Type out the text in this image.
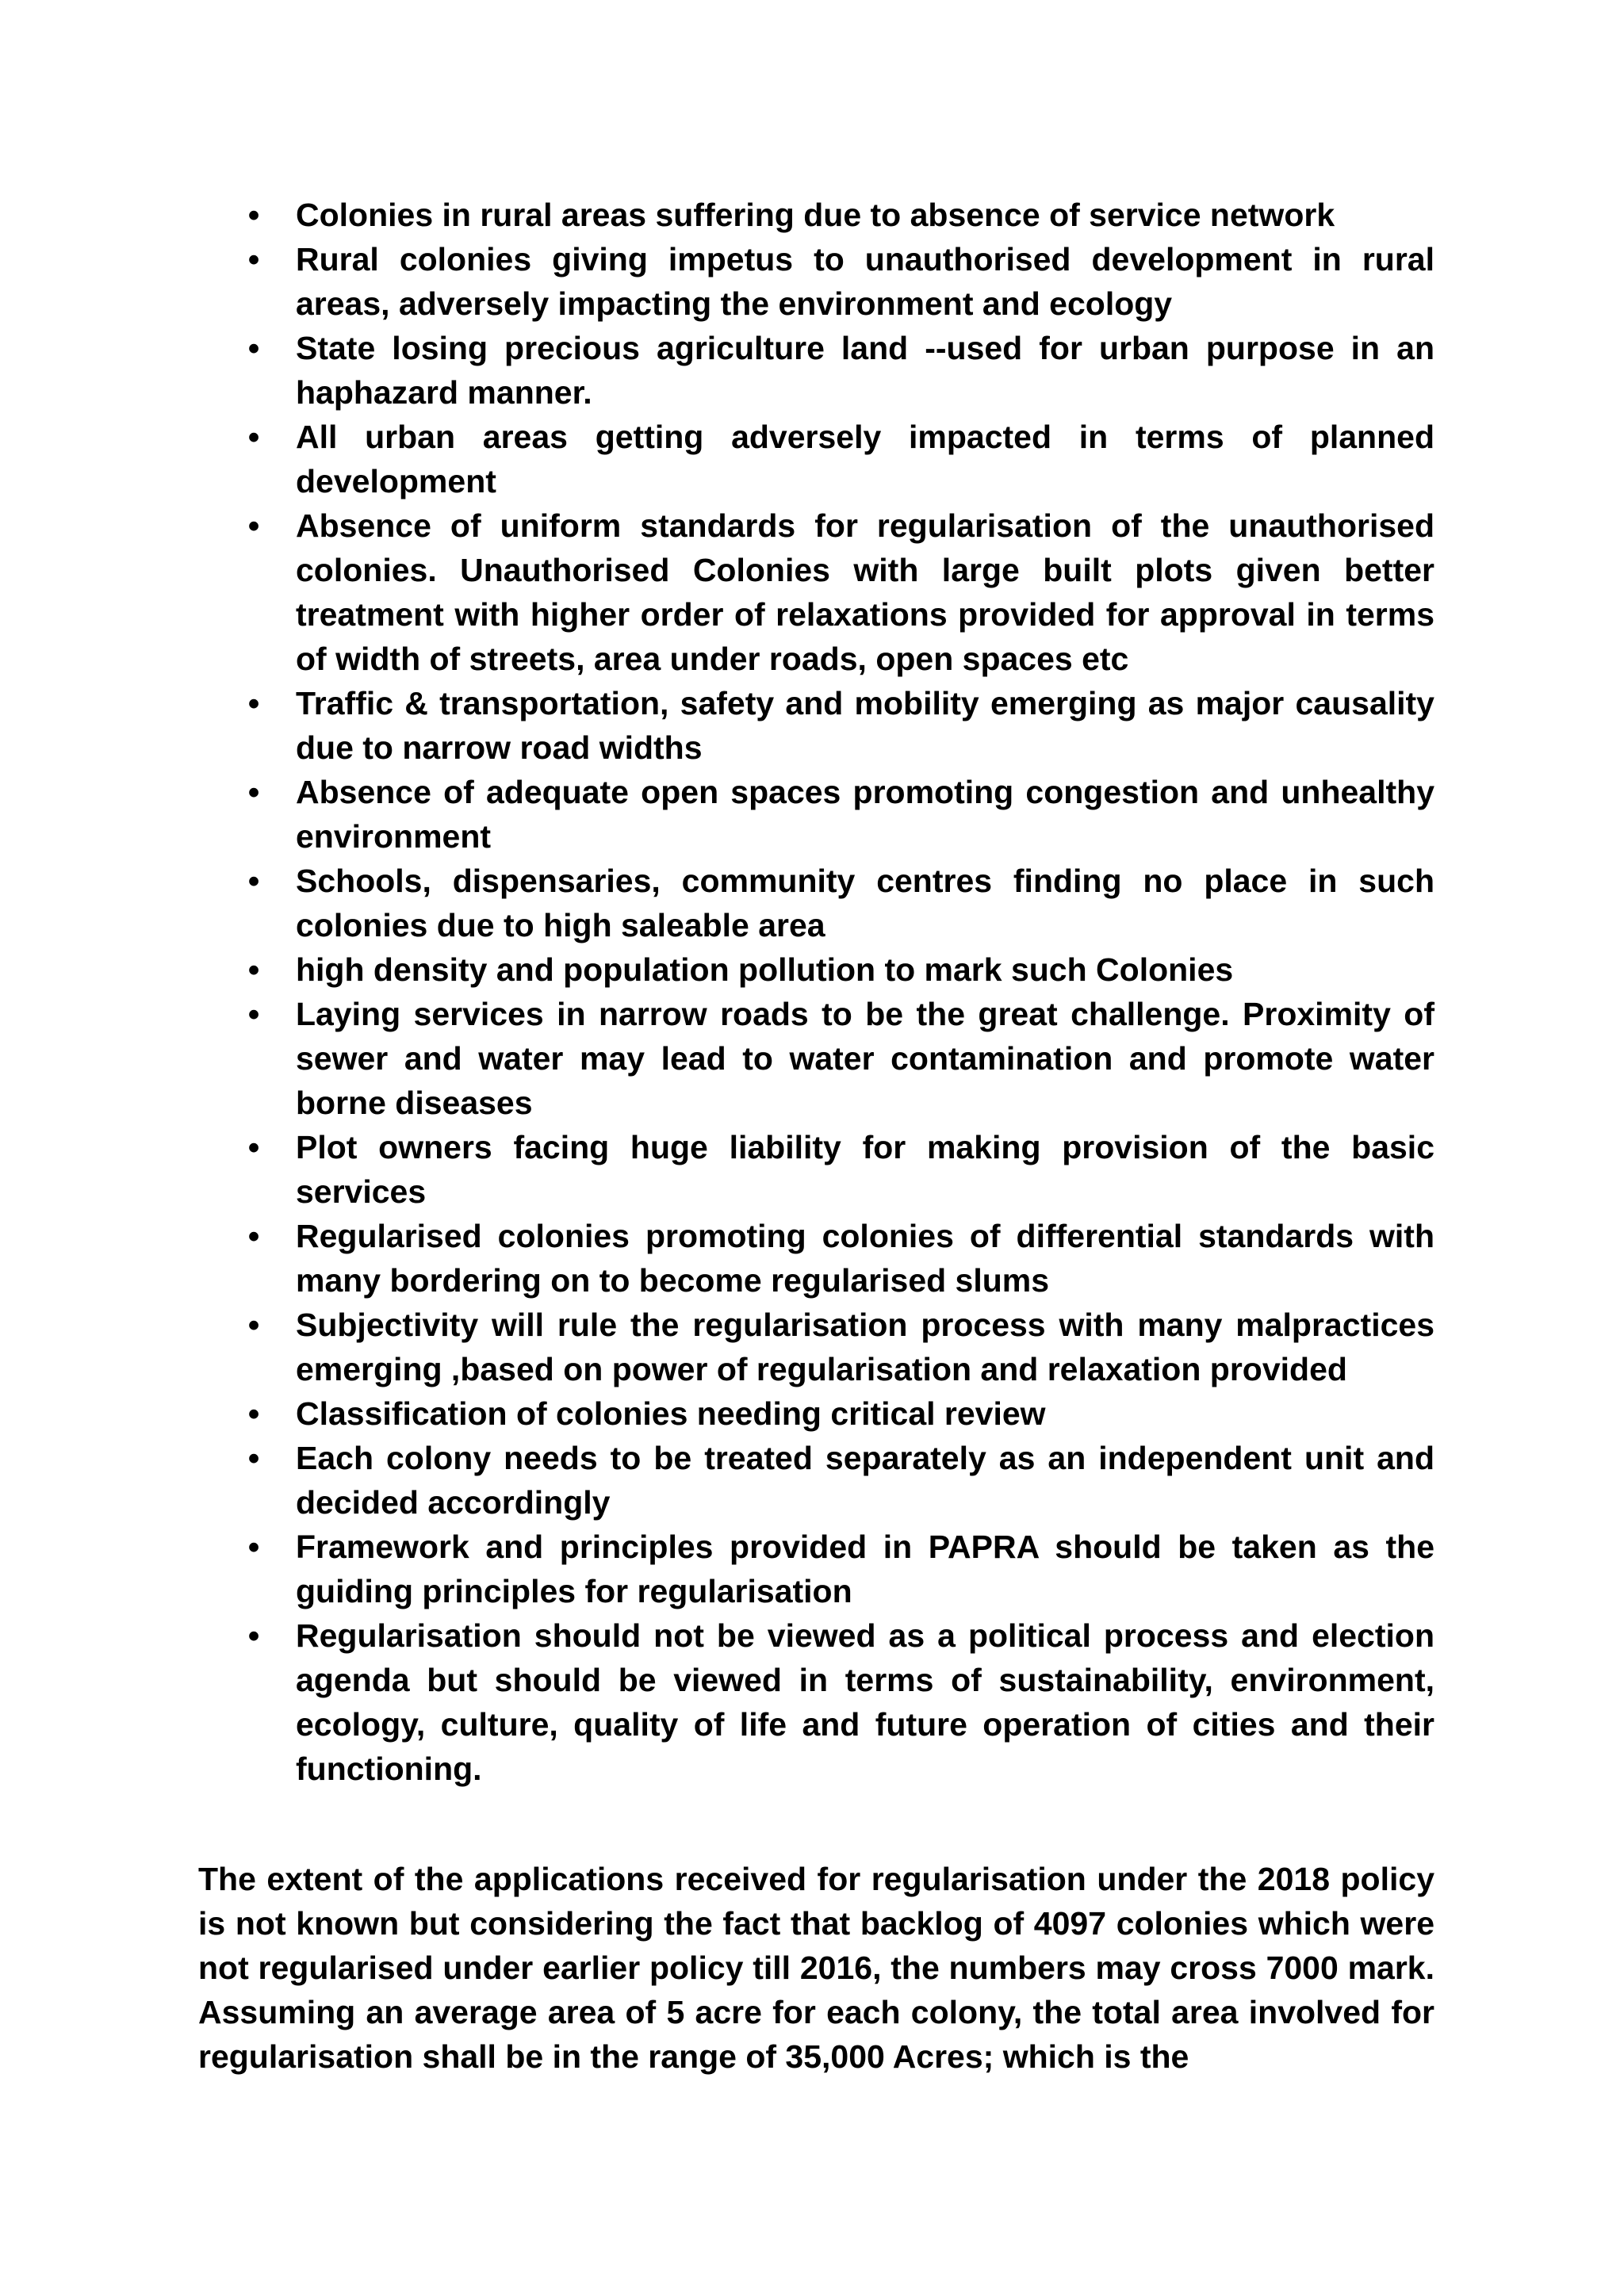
• Colonies in rural areas suffering due to absence of service network
• Rural colonies giving impetus to unauthorised development in rural areas, adversely impacting the environment and ecology
• State losing precious agriculture land --used for urban purpose in an haphazard manner.
• All urban areas getting adversely impacted in terms of planned development
• Absence of uniform standards for regularisation of the unauthorised colonies. Unauthorised Colonies with large built plots given better treatment with higher order of relaxations provided for approval in terms of width of streets, area under roads, open spaces etc
• Traffic & transportation, safety and mobility emerging as major causality due to narrow road widths
• Absence of adequate open spaces promoting congestion and unhealthy environment
• Schools, dispensaries, community centres finding no place in such colonies due to high saleable area
• high density and population pollution to mark such Colonies
• Laying services in narrow roads to be the great challenge. Proximity of sewer and water may lead to water contamination and promote water borne diseases
• Plot owners facing huge liability for making provision of the basic services
• Regularised colonies promoting colonies of differential standards with many bordering on to become regularised slums
• Subjectivity will rule the regularisation process with many malpractices emerging ,based on power of regularisation and relaxation provided
• Classification of colonies needing critical review
• Each colony needs to be treated separately as an independent unit and decided accordingly
• Framework and principles provided in PAPRA should be taken as the guiding principles for regularisation
• Regularisation should not be viewed as a political process and election agenda but should be viewed in terms of sustainability, environment, ecology, culture, quality of life and future operation of cities and their functioning.

The extent of the applications received for regularisation under the 2018 policy is not known but considering the fact that backlog of 4097 colonies which were not regularised under earlier policy till 2016, the numbers may cross 7000 mark. Assuming an average area of 5 acre for each colony, the total area involved for regularisation shall be in the range of 35,000 Acres; which is the
